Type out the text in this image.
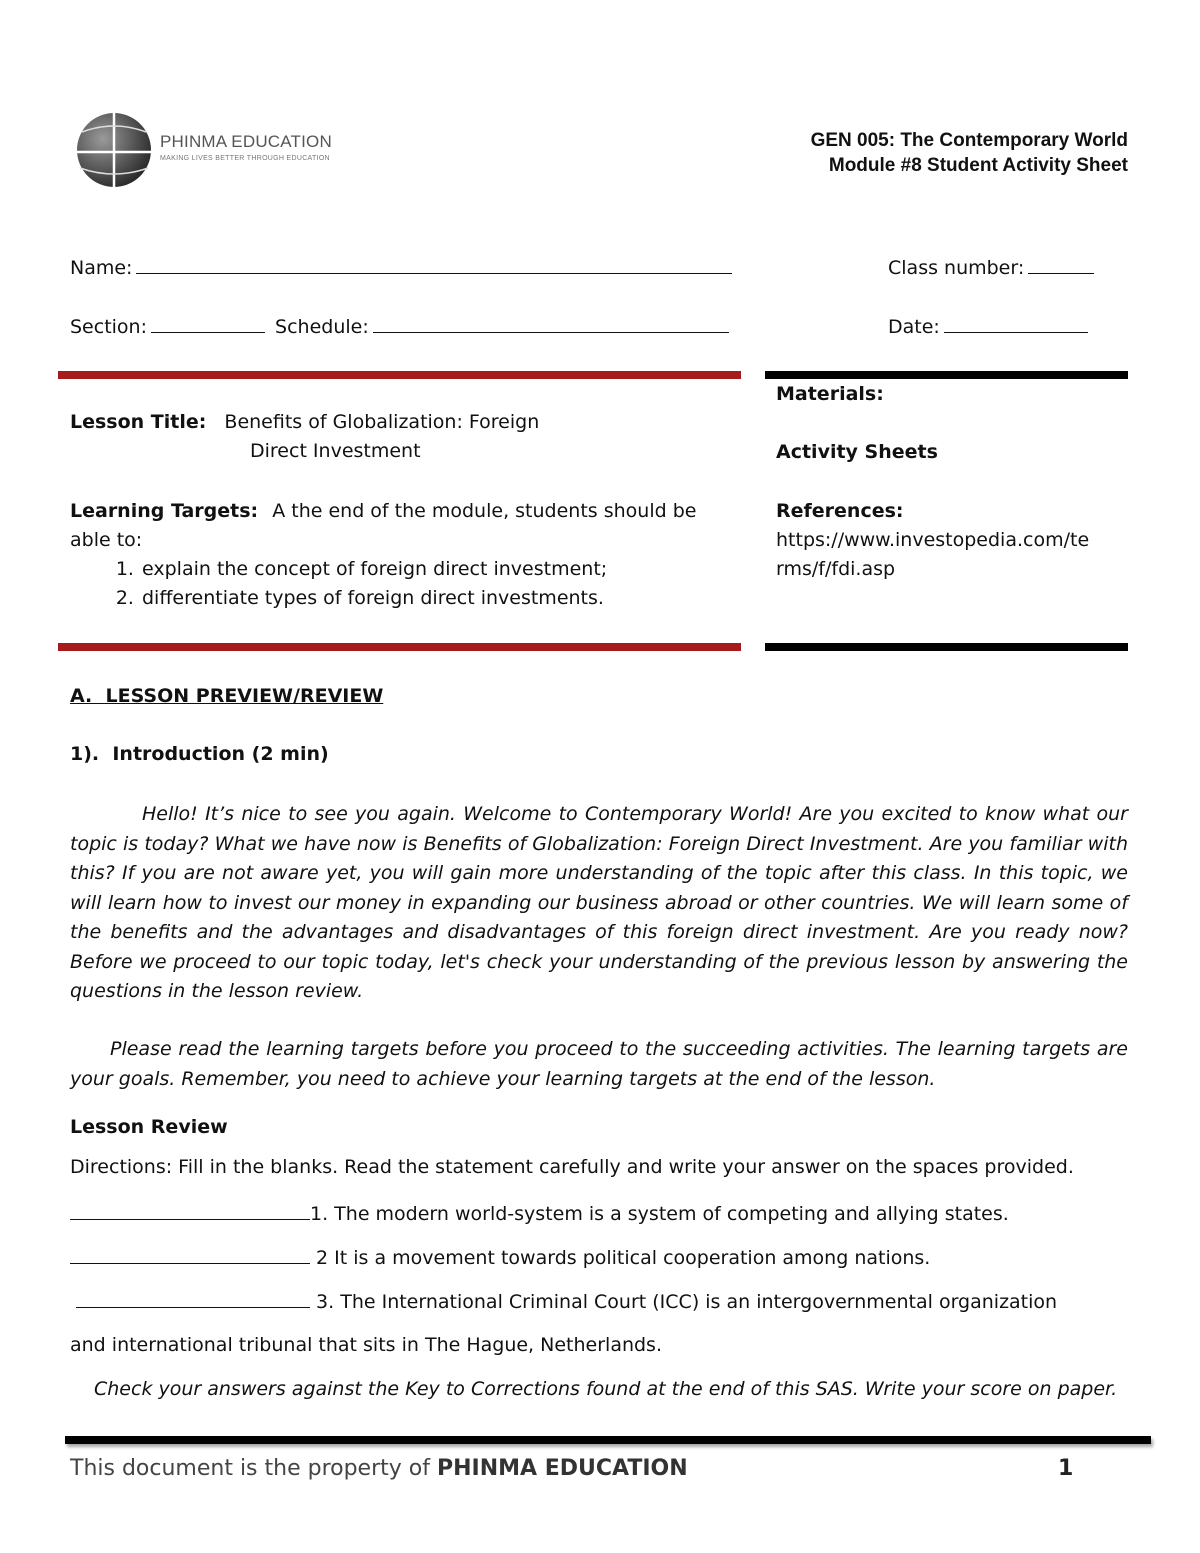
PHINMA EDUCATION
MAKING LIVES BETTER THROUGH EDUCATION
GEN 005: The Contemporary World
Module #8 Student Activity Sheet
Name:	Class number:
Section:	Schedule:	Date:
Lesson Title: Benefits of Globalization: Foreign
Direct Investment
Learning Targets: A the end of the module, students should be
able to:
1. explain the concept of foreign direct investment;
2. differentiate types of foreign direct investments.
Materials:
Activity Sheets
References:
https://www.investopedia.com/te
rms/f/fdi.asp
A.  LESSON PREVIEW/REVIEW
1).  Introduction (2 min)
Hello! It’s nice to see you again. Welcome to Contemporary World! Are you excited to know what our topic is today? What we have now is Benefits of Globalization: Foreign Direct Investment. Are you familiar with this? If you are not aware yet, you will gain more understanding of the topic after this class. In this topic, we will learn how to invest our money in expanding our business abroad or other countries. We will learn some of the benefits and the advantages and disadvantages of this foreign direct investment. Are you ready now? Before we proceed to our topic today, let's check your understanding of the previous lesson by answering the questions in the lesson review.
Please read the learning targets before you proceed to the succeeding activities. The learning targets are your goals. Remember, you need to achieve your learning targets at the end of the lesson.
Lesson Review
Directions: Fill in the blanks. Read the statement carefully and write your answer on the spaces provided.
1. The modern world-system is a system of competing and allying states.
2 It is a movement towards political cooperation among nations.
3. The International Criminal Court (ICC) is an intergovernmental organization
and international tribunal that sits in The Hague, Netherlands.
Check your answers against the Key to Corrections found at the end of this SAS. Write your score on paper.
This document is the property of PHINMA EDUCATION	1
